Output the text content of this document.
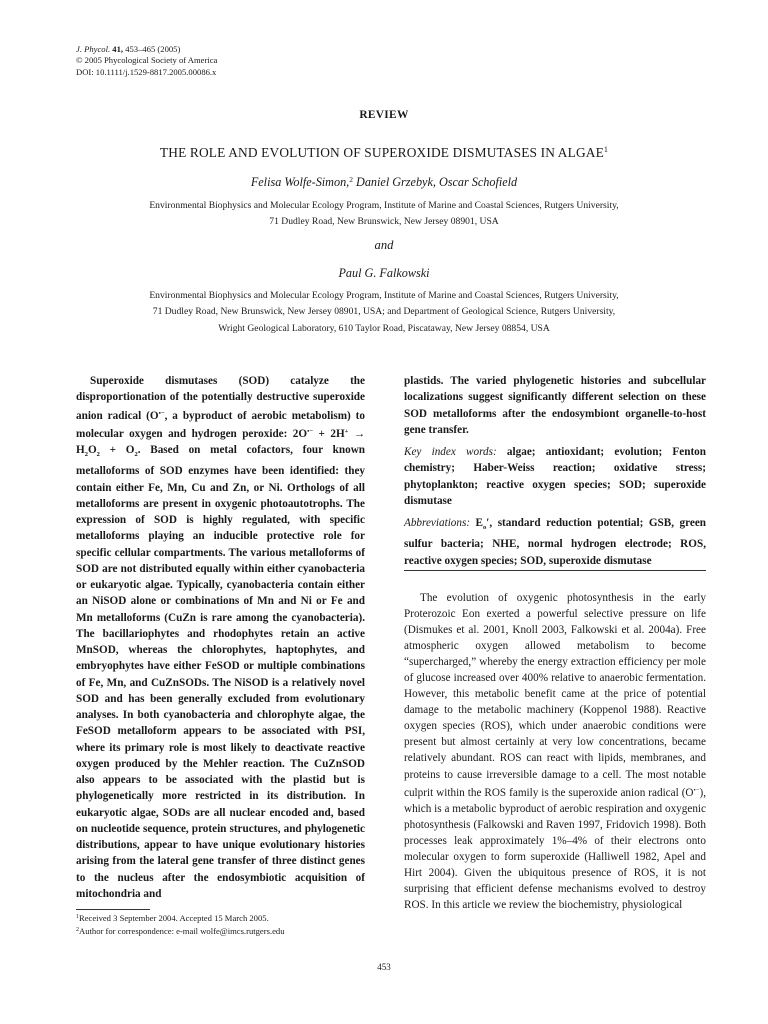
J. Phycol. 41, 453–465 (2005)
© 2005 Phycological Society of America
DOI: 10.1111/j.1529-8817.2005.00086.x
REVIEW
THE ROLE AND EVOLUTION OF SUPEROXIDE DISMUTASES IN ALGAE$^1$
Felisa Wolfe-Simon,$^2$ Daniel Grzebyk, Oscar Schofield
Environmental Biophysics and Molecular Ecology Program, Institute of Marine and Coastal Sciences, Rutgers University,
71 Dudley Road, New Brunswick, New Jersey 08901, USA
and
Paul G. Falkowski
Environmental Biophysics and Molecular Ecology Program, Institute of Marine and Coastal Sciences, Rutgers University,
71 Dudley Road, New Brunswick, New Jersey 08901, USA; and Department of Geological Science, Rutgers University,
Wright Geological Laboratory, 610 Taylor Road, Piscataway, New Jersey 08854, USA

Superoxide dismutases (SOD) catalyze the disproportionation of the potentially destructive superoxide anion radical (O•−, a byproduct of aerobic metabolism) to molecular oxygen and hydrogen peroxide: $2O^{•-} + 2H^+ \to H_2O_2 + O_2$. Based on metal cofactors, four known metalloforms of SOD enzymes have been identified: they contain either Fe, Mn, Cu and Zn, or Ni. Orthologs of all metalloforms are present in oxygenic photoautotrophs. The expression of SOD is highly regulated, with specific metalloforms playing an inducible protective role for specific cellular compartments. The various metalloforms of SOD are not distributed equally within either cyanobacteria or eukaryotic algae. Typically, cyanobacteria contain either an NiSOD alone or combinations of Mn and Ni or Fe and Mn metalloforms (CuZn is rare among the cyanobacteria). The bacillariophytes and rhodophytes retain an active MnSOD, whereas the chlorophytes, haptophytes, and embryophytes have either FeSOD or multiple combinations of Fe, Mn, and CuZnSODs. The NiSOD is a relatively novel SOD and has been generally excluded from evolutionary analyses. In both cyanobacteria and chlorophyte algae, the FeSOD metalloform appears to be associated with PSI, where its primary role is most likely to deactivate reactive oxygen produced by the Mehler reaction. The CuZnSOD also appears to be associated with the plastid but is phylogenetically more restricted in its distribution. In eukaryotic algae, SODs are all nuclear encoded and, based on nucleotide sequence, protein structures, and phylogenetic distributions, appear to have unique evolutionary histories arising from the lateral gene transfer of three distinct genes to the nucleus after the endosymbiotic acquisition of mitochondria and

plastids. The varied phylogenetic histories and subcellular localizations suggest significantly different selection on these SOD metalloforms after the endosymbiont organelle-to-host gene transfer.

Key index words: algae; antioxidant; evolution; Fenton chemistry; Haber-Weiss reaction; oxidative stress; phytoplankton; reactive oxygen species; SOD; superoxide dismutase

Abbreviations: $E_o'$, standard reduction potential; GSB, green sulfur bacteria; NHE, normal hydrogen electrode; ROS, reactive oxygen species; SOD, superoxide dismutase

The evolution of oxygenic photosynthesis in the early Proterozoic Eon exerted a powerful selective pressure on life (Dismukes et al. 2001, Knoll 2003, Falkowski et al. 2004a). Free atmospheric oxygen allowed metabolism to become “supercharged,” whereby the energy extraction efficiency per mole of glucose increased over 400% relative to anaerobic fermentation. However, this metabolic benefit came at the price of potential damage to the metabolic machinery (Koppenol 1988). Reactive oxygen species (ROS), which under anaerobic conditions were present but almost certainly at very low concentrations, became relatively abundant. ROS can react with lipids, membranes, and proteins to cause irreversible damage to a cell. The most notable culprit within the ROS family is the superoxide anion radical (O•−), which is a metabolic byproduct of aerobic respiration and oxygenic photosynthesis (Falkowski and Raven 1997, Fridovich 1998). Both processes leak approximately 1%–4% of their electrons onto molecular oxygen to form superoxide (Halliwell 1982, Apel and Hirt 2004). Given the ubiquitous presence of ROS, it is not surprising that efficient defense mechanisms evolved to destroy ROS. In this article we review the biochemistry, physiological

$^1$Received 3 September 2004. Accepted 15 March 2005.
$^2$Author for correspondence: e-mail wolfe@imcs.rutgers.edu
453
